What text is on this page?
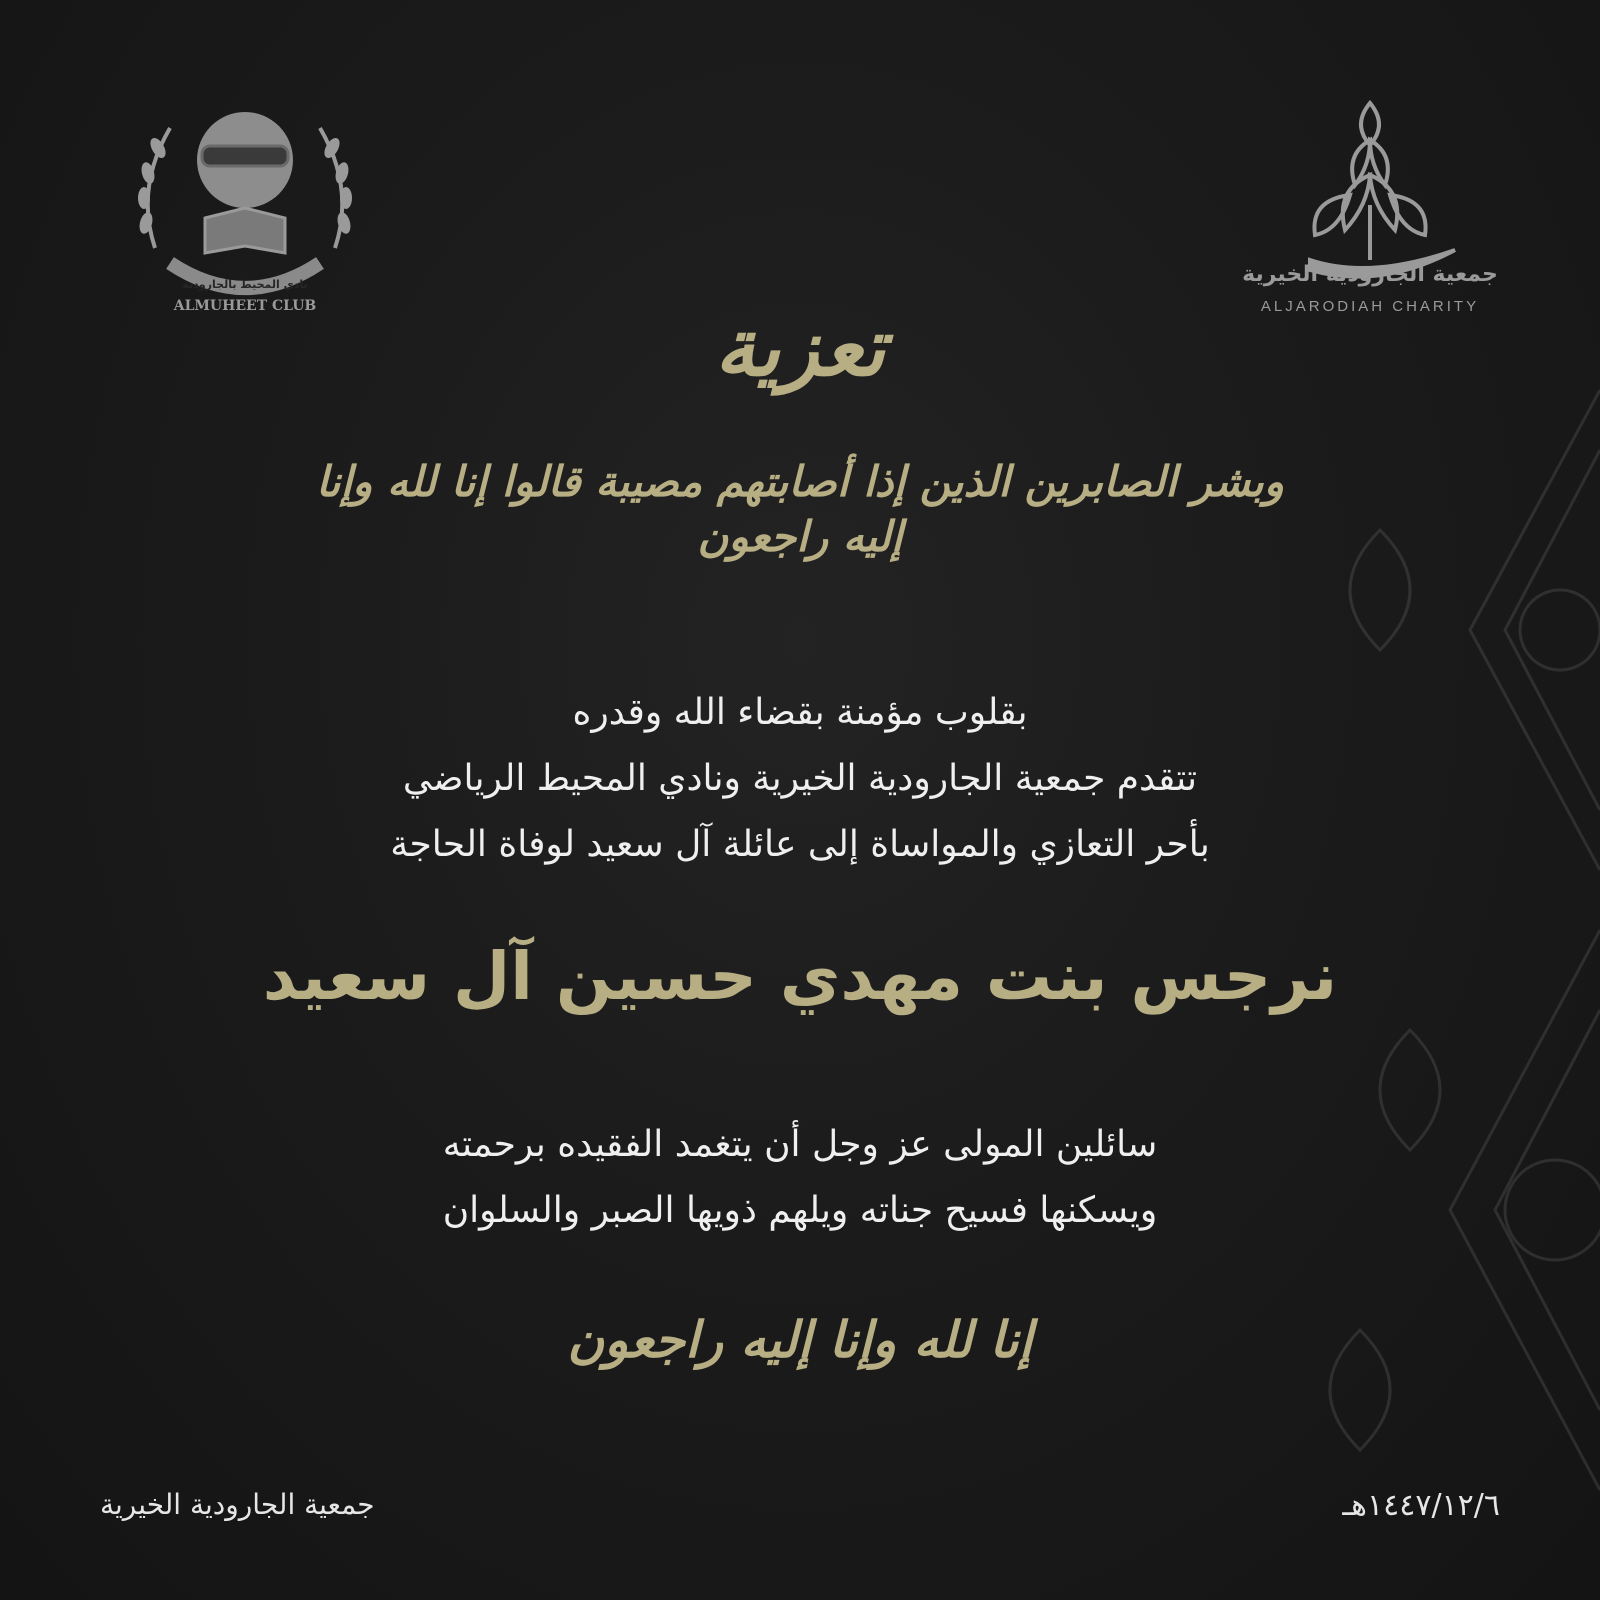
نادي المحيط بالجارودية
ALMUHEET CLUB
جمعية الجارودية الخيرية
ALJARODIAH CHARITY
تعزية
وبشر الصابرين الذين إذا أصابتهم مصيبة قالوا إنا لله وإنا إليه راجعون
بقلوب مؤمنة بقضاء الله وقدره
تتقدم جمعية الجارودية الخيرية ونادي المحيط الرياضي
بأحر التعازي والمواساة إلى عائلة آل سعيد لوفاة الحاجة
نرجس بنت مهدي حسين آل سعيد
سائلين المولى عز وجل أن يتغمد الفقيده برحمته
ويسكنها فسيح جناته ويلهم ذويها الصبر والسلوان
إنا لله وإنا إليه راجعون
جمعية الجارودية الخيرية	١٤٤٧/١٢/٦هـ
